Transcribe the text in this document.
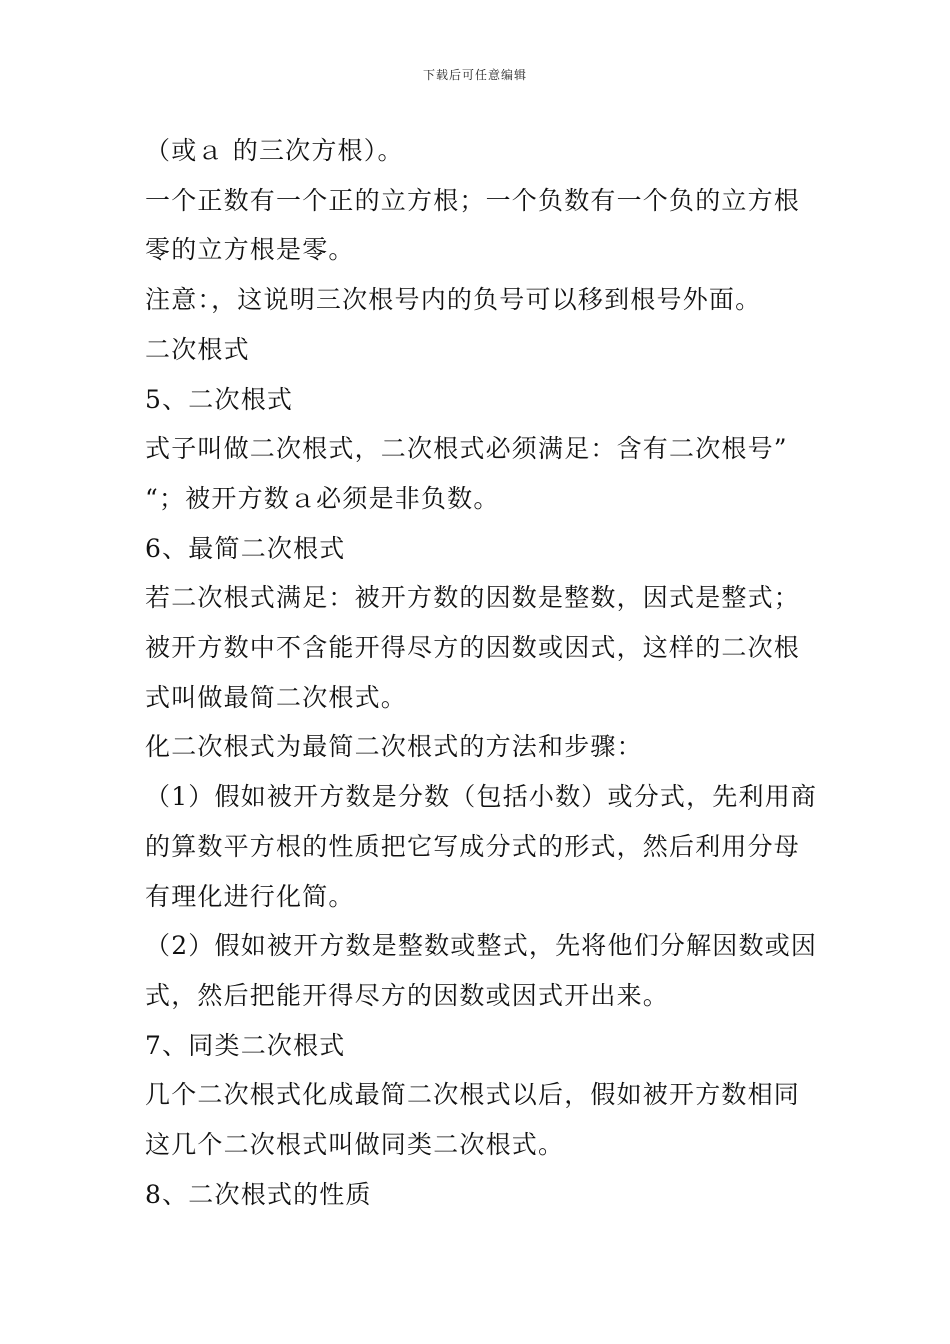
下载后可任意编辑
（或ａ 的三次方根）。
一个正数有一个正的立方根；一个负数有一个负的立方根
零的立方根是零。
注意：，这说明三次根号内的负号可以移到根号外面。
二次根式
5、二次根式
式子叫做二次根式，二次根式必须满足：含有二次根号”
“；被开方数ａ必须是非负数。
6、最简二次根式
若二次根式满足：被开方数的因数是整数，因式是整式；
被开方数中不含能开得尽方的因数或因式，这样的二次根
式叫做最简二次根式。
化二次根式为最简二次根式的方法和步骤：
（1）假如被开方数是分数（包括小数）或分式，先利用商
的算数平方根的性质把它写成分式的形式，然后利用分母
有理化进行化简。
（2）假如被开方数是整数或整式，先将他们分解因数或因
式，然后把能开得尽方的因数或因式开出来。
7、同类二次根式
几个二次根式化成最简二次根式以后，假如被开方数相同
这几个二次根式叫做同类二次根式。
8、二次根式的性质
